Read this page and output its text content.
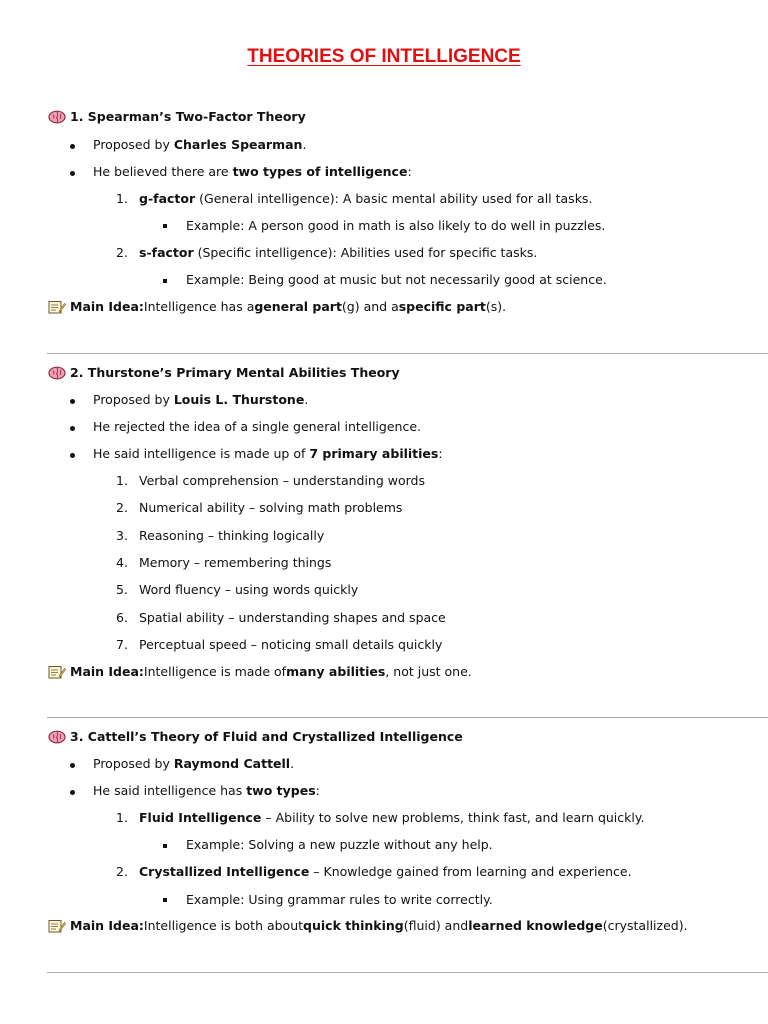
THEORIES OF INTELLIGENCE
1. Spearman’s Two-Factor Theory
Proposed by Charles Spearman.
He believed there are two types of intelligence:
1. g-factor (General intelligence): A basic mental ability used for all tasks.
Example: A person good in math is also likely to do well in puzzles.
2. s-factor (Specific intelligence): Abilities used for specific tasks.
Example: Being good at music but not necessarily good at science.
Main Idea: Intelligence has a general part (g) and a specific part (s).
2. Thurstone’s Primary Mental Abilities Theory
Proposed by Louis L. Thurstone.
He rejected the idea of a single general intelligence.
He said intelligence is made up of 7 primary abilities:
1. Verbal comprehension – understanding words
2. Numerical ability – solving math problems
3. Reasoning – thinking logically
4. Memory – remembering things
5. Word fluency – using words quickly
6. Spatial ability – understanding shapes and space
7. Perceptual speed – noticing small details quickly
Main Idea: Intelligence is made of many abilities , not just one.
3. Cattell’s Theory of Fluid and Crystallized Intelligence
Proposed by Raymond Cattell.
He said intelligence has two types:
1. Fluid Intelligence – Ability to solve new problems, think fast, and learn quickly.
Example: Solving a new puzzle without any help.
2. Crystallized Intelligence – Knowledge gained from learning and experience.
Example: Using grammar rules to write correctly.
Main Idea: Intelligence is both about quick thinking (fluid) and learned knowledge (crystallized).
